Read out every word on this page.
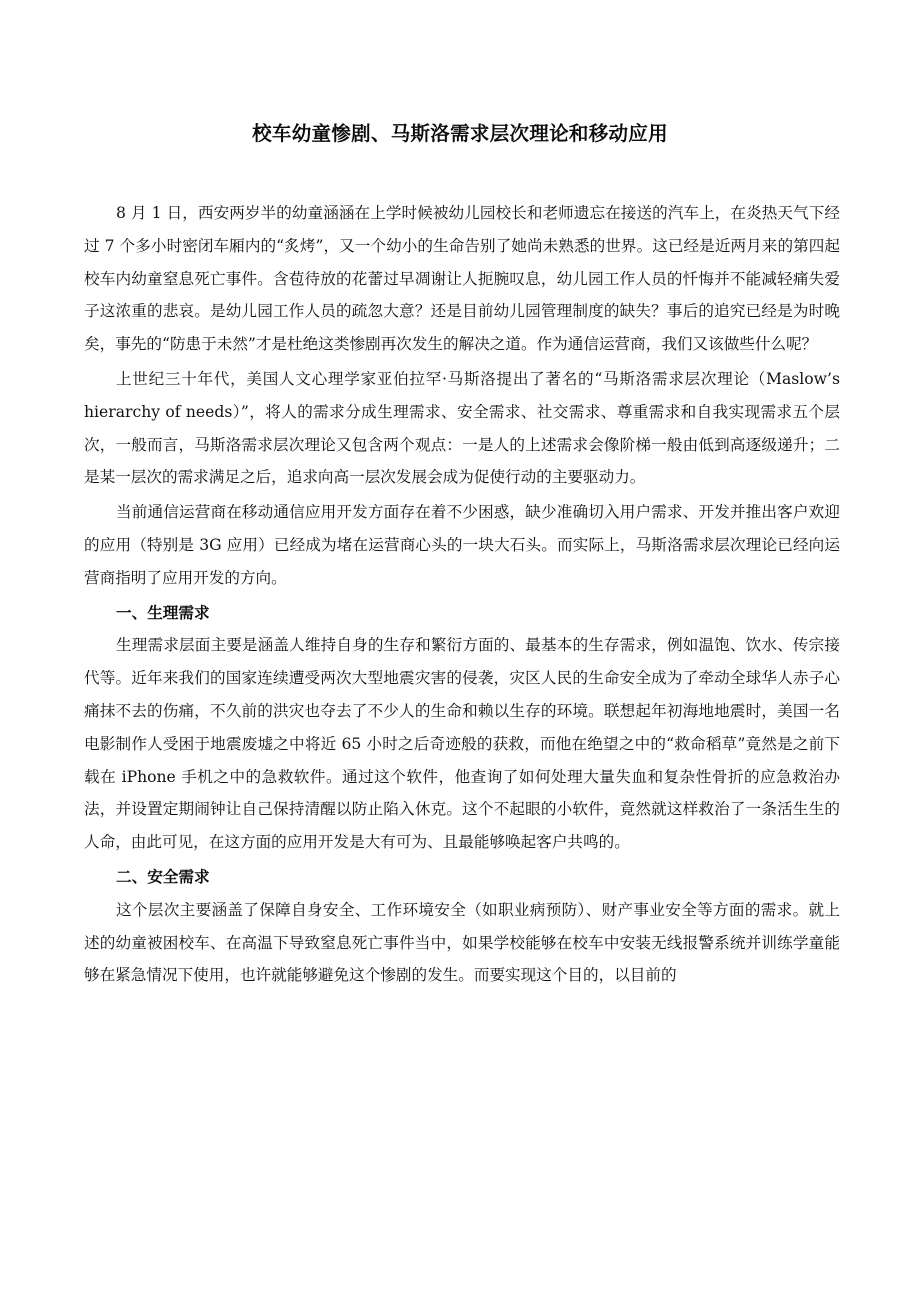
校车幼童惨剧、马斯洛需求层次理论和移动应用

8 月 1 日，西安两岁半的幼童涵涵在上学时候被幼儿园校长和老师遗忘在接送的汽车上，在炎热天气下经过 7 个多小时密闭车厢内的“炙烤”，又一个幼小的生命告别了她尚未熟悉的世界。这已经是近两月来的第四起校车内幼童窒息死亡事件。含苞待放的花蕾过早凋谢让人扼腕叹息，幼儿园工作人员的忏悔并不能减轻痛失爱子这浓重的悲哀。是幼儿园工作人员的疏忽大意？还是目前幼儿园管理制度的缺失？事后的追究已经是为时晚矣，事先的“防患于未然”才是杜绝这类惨剧再次发生的解决之道。作为通信运营商，我们又该做些什么呢？

上世纪三十年代，美国人文心理学家亚伯拉罕·马斯洛提出了著名的“马斯洛需求层次理论（Maslow’s hierarchy of needs）”，将人的需求分成生理需求、安全需求、社交需求、尊重需求和自我实现需求五个层次，一般而言，马斯洛需求层次理论又包含两个观点：一是人的上述需求会像阶梯一般由低到高逐级递升；二是某一层次的需求满足之后，追求向高一层次发展会成为促使行动的主要驱动力。

当前通信运营商在移动通信应用开发方面存在着不少困惑，缺少准确切入用户需求、开发并推出客户欢迎的应用（特别是 3G 应用）已经成为堵在运营商心头的一块大石头。而实际上，马斯洛需求层次理论已经向运营商指明了应用开发的方向。

一、生理需求

生理需求层面主要是涵盖人维持自身的生存和繁衍方面的、最基本的生存需求，例如温饱、饮水、传宗接代等。近年来我们的国家连续遭受两次大型地震灾害的侵袭，灾区人民的生命安全成为了牵动全球华人赤子心痛抹不去的伤痛，不久前的洪灾也夺去了不少人的生命和赖以生存的环境。联想起年初海地地震时，美国一名电影制作人受困于地震废墟之中将近 65 小时之后奇迹般的获救，而他在绝望之中的“救命稻草”竟然是之前下载在 iPhone 手机之中的急救软件。通过这个软件，他查询了如何处理大量失血和复杂性骨折的应急救治办法，并设置定期闹钟让自己保持清醒以防止陷入休克。这个不起眼的小软件，竟然就这样救治了一条活生生的人命，由此可见，在这方面的应用开发是大有可为、且最能够唤起客户共鸣的。

二、安全需求

这个层次主要涵盖了保障自身安全、工作环境安全（如职业病预防）、财产事业安全等方面的需求。就上述的幼童被困校车、在高温下导致窒息死亡事件当中，如果学校能够在校车中安装无线报警系统并训练学童能够在紧急情况下使用，也许就能够避免这个惨剧的发生。而要实现这个目的，以目前的
